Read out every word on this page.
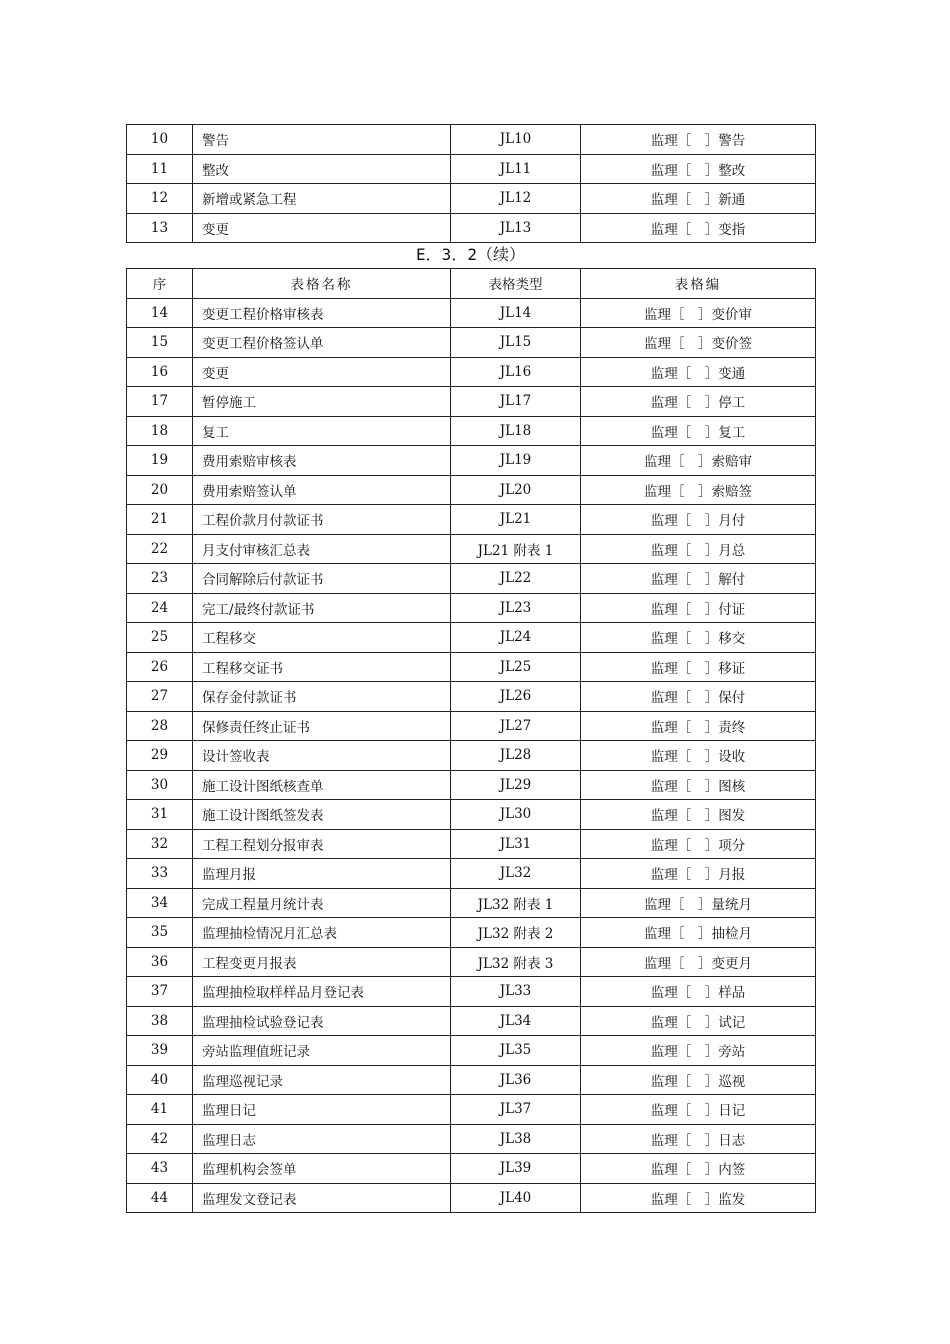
10	警告	JL10	监理［　］警告
11	整改	JL11	监理［　］整改
12	新增或紧急工程	JL12	监理［　］新通
13	变更	JL13	监理［　］变指
E．3．2（续）
序	表格名称	表格类型	表格编
14	变更工程价格审核表	JL14	监理［　］变价审
15	变更工程价格签认单	JL15	监理［　］变价签
16	变更	JL16	监理［　］变通
17	暂停施工	JL17	监理［　］停工
18	复工	JL18	监理［　］复工
19	费用索赔审核表	JL19	监理［　］索赔审
20	费用索赔签认单	JL20	监理［　］索赔签
21	工程价款月付款证书	JL21	监理［　］月付
22	月支付审核汇总表	JL21 附表 1	监理［　］月总
23	合同解除后付款证书	JL22	监理［　］解付
24	完工/最终付款证书	JL23	监理［　］付证
25	工程移交	JL24	监理［　］移交
26	工程移交证书	JL25	监理［　］移证
27	保存金付款证书	JL26	监理［　］保付
28	保修责任终止证书	JL27	监理［　］责终
29	设计签收表	JL28	监理［　］设收
30	施工设计图纸核查单	JL29	监理［　］图核
31	施工设计图纸签发表	JL30	监理［　］图发
32	工程工程划分报审表	JL31	监理［　］项分
33	监理月报	JL32	监理［　］月报
34	完成工程量月统计表	JL32 附表 1	监理［　］量统月
35	监理抽检情况月汇总表	JL32 附表 2	监理［　］抽检月
36	工程变更月报表	JL32 附表 3	监理［　］变更月
37	监理抽检取样样品月登记表	JL33	监理［　］样品
38	监理抽检试验登记表	JL34	监理［　］试记
39	旁站监理值班记录	JL35	监理［　］旁站
40	监理巡视记录	JL36	监理［　］巡视
41	监理日记	JL37	监理［　］日记
42	监理日志	JL38	监理［　］日志
43	监理机构会签单	JL39	监理［　］内签
44	监理发文登记表	JL40	监理［　］监发
